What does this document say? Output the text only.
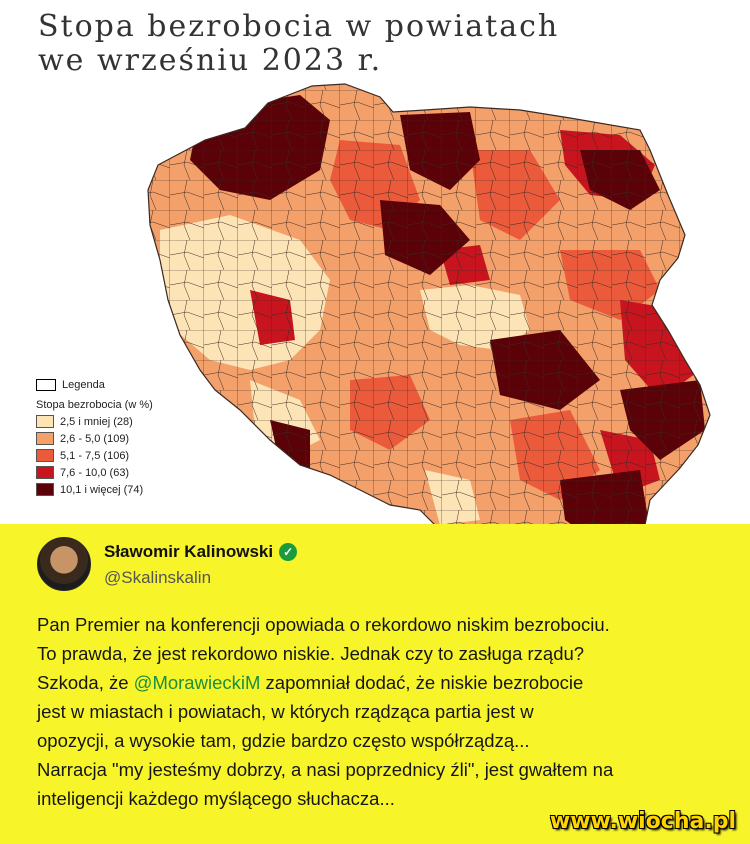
Stopa bezrobocia w powiatach
we wrześniu 2023 r.
Legenda
Stopa bezrobocia (w %)
2,5 i mniej (28)
2,6 - 5,0 (109)
5,1 - 7,5 (106)
7,6 - 10,0 (63)
10,1 i więcej (74)
Sławomir Kalinowski ✓
@Skalinskalin

Pan Premier na konferencji opowiada o rekordowo niskim bezrobociu.

To prawda, że jest rekordowo niskie. Jednak czy to zasługa rządu?

Szkoda, że @MorawieckiM zapomniał dodać, że niskie bezrobocie

jest w miastach i powiatach, w których rządząca partia jest w

opozycji, a wysokie tam, gdzie bardzo często współrządzą...

Narracja "my jesteśmy dobrzy, a nasi poprzednicy źli", jest gwałtem na

inteligencji każdego myślącego słuchacza...

www.wiocha.pl
